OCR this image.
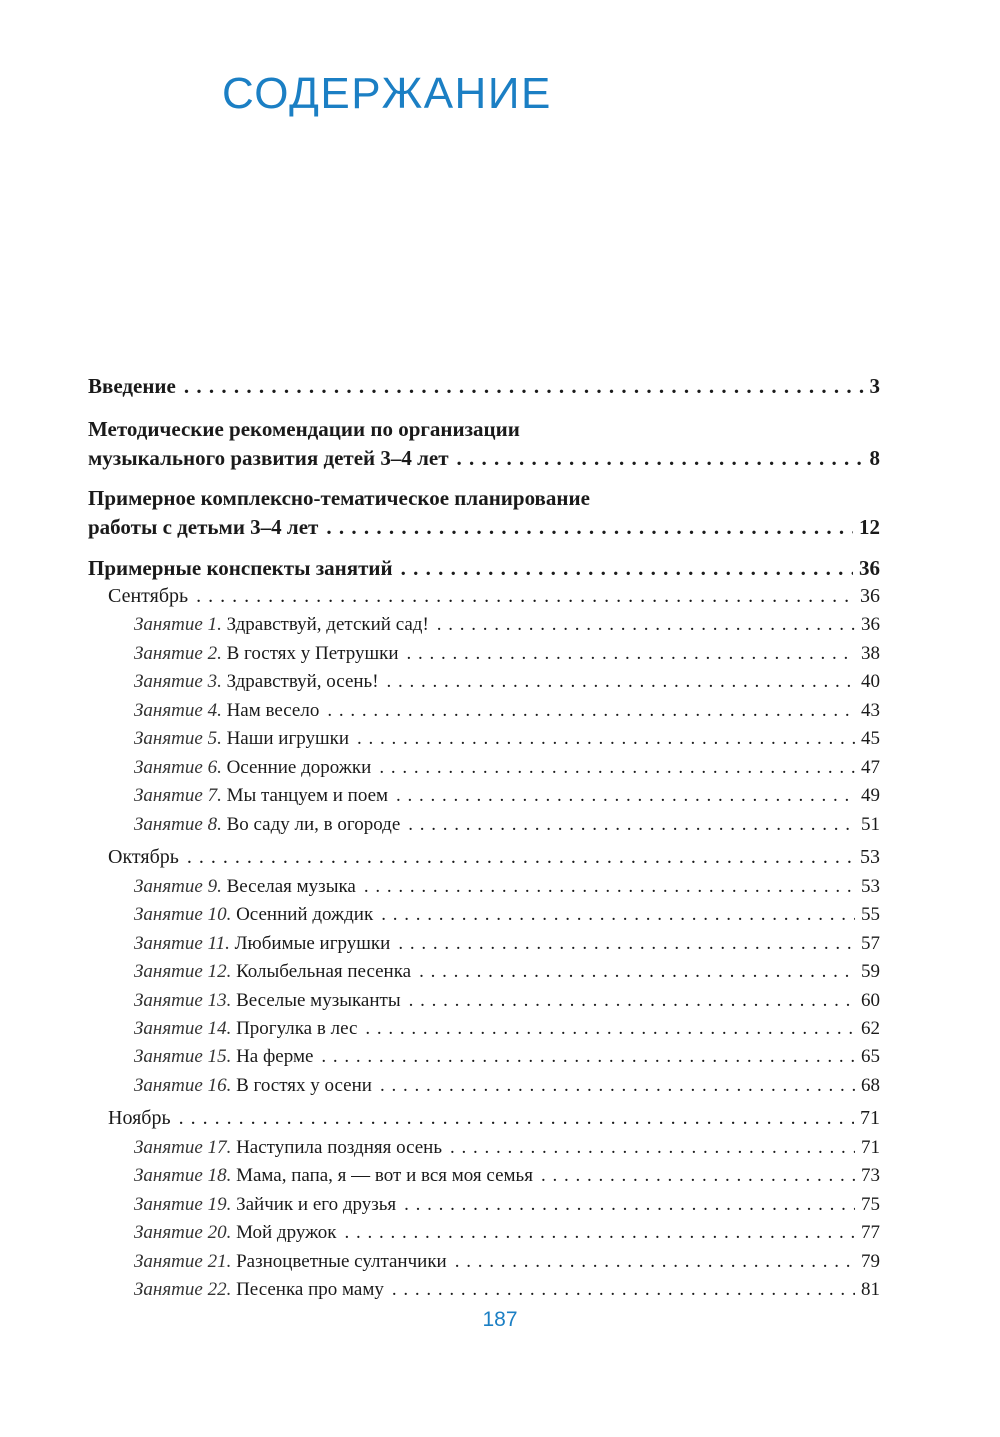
СОДЕРЖАНИЕ
Введение . . .	3
Методические рекомендации по организации
музыкального развития детей 3–4 лет . . .	8
Примерное комплексно-тематическое планирование
работы с детьми 3–4 лет . . .	12
Примерные конспекты занятий . . .	36
Сентябрь . . .	36
Занятие 1. Здравствуй, детский сад! . . .	36
Занятие 2. В гостях у Петрушки . . .	38
Занятие 3. Здравствуй, осень! . . .	40
Занятие 4. Нам весело . . .	43
Занятие 5. Наши игрушки . . .	45
Занятие 6. Осенние дорожки . . .	47
Занятие 7. Мы танцуем и поем . . .	49
Занятие 8. Во саду ли, в огороде . . .	51
Октябрь . . .	53
Занятие 9. Веселая музыка . . .	53
Занятие 10. Осенний дождик . . .	55
Занятие 11. Любимые игрушки . . .	57
Занятие 12. Колыбельная песенка . . .	59
Занятие 13. Веселые музыканты . . .	60
Занятие 14. Прогулка в лес . . .	62
Занятие 15. На ферме . . .	65
Занятие 16. В гостях у осени . . .	68
Ноябрь . . .	71
Занятие 17. Наступила поздняя осень . . .	71
Занятие 18. Мама, папа, я — вот и вся моя семья . . .	73
Занятие 19. Зайчик и его друзья . . .	75
Занятие 20. Мой дружок . . .	77
Занятие 21. Разноцветные султанчики . . .	79
Занятие 22. Песенка про маму . . .	81
187
